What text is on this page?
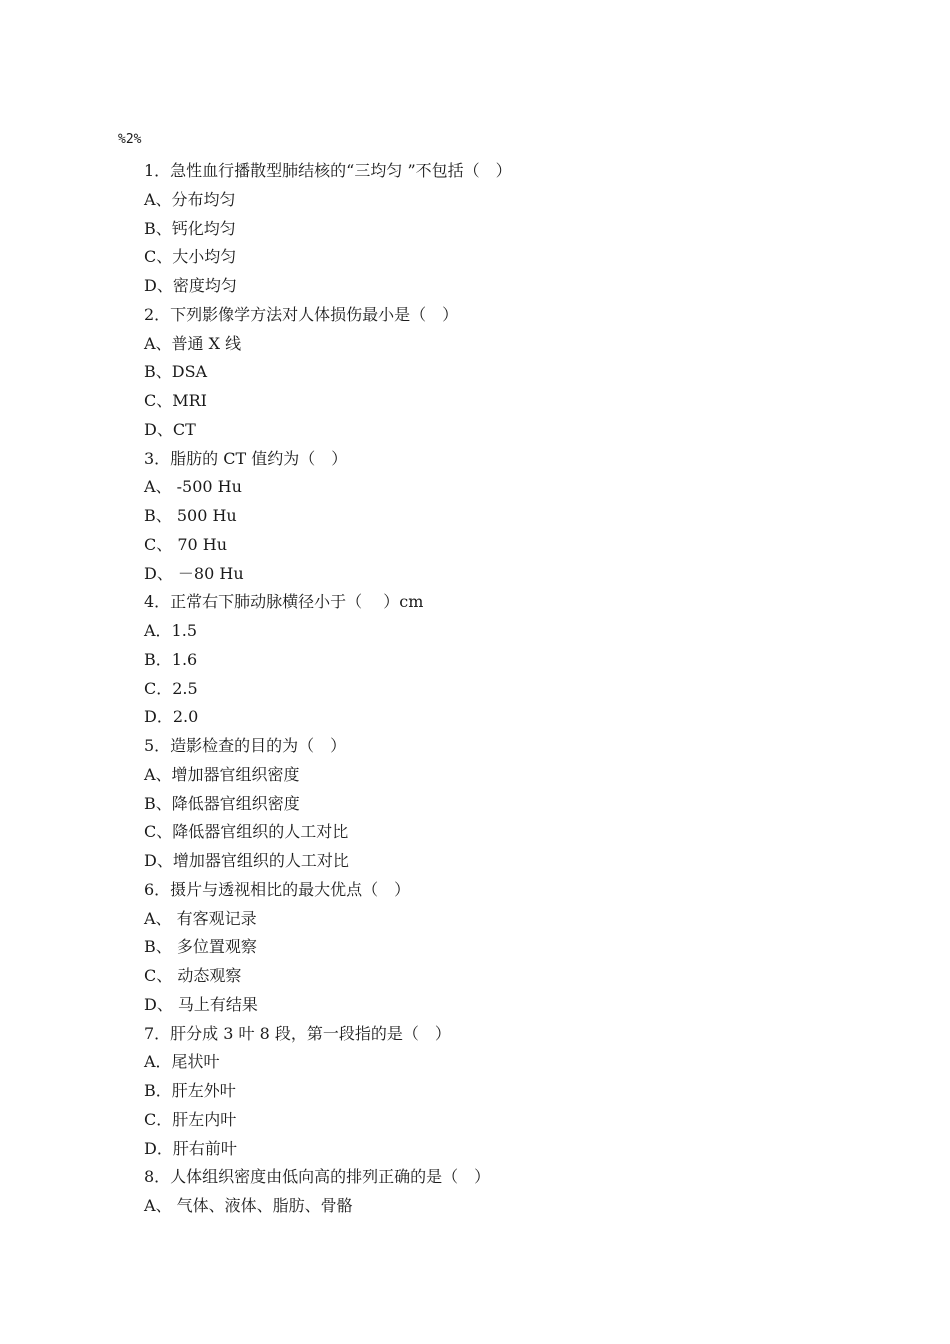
%2%
1．急性血行播散型肺结核的“三均匀 ”不包括（　）
A、分布均匀
B、钙化均匀
C、大小均匀
D、密度均匀
2．下列影像学方法对人体损伤最小是（　）
A、普通 X 线
B、DSA
C、MRI
D、CT
3．脂肪的 CT 值约为（　）
A、 -500 Hu
B、 500 Hu
C、 70 Hu
D、 －80 Hu
4．正常右下肺动脉横径小于（　 ）cm
A．1.5
B．1.6
C．2.5
D．2.0
5．造影检查的目的为（　）
A、增加器官组织密度
B、降低器官组织密度
C、降低器官组织的人工对比
D、增加器官组织的人工对比
6．摄片与透视相比的最大优点（　）
A、 有客观记录
B、 多位置观察
C、 动态观察
D、 马上有结果
7．肝分成 3 叶 8 段，第一段指的是（　）
A．尾状叶
B．肝左外叶
C．肝左内叶
D．肝右前叶
8．人体组织密度由低向高的排列正确的是（　）
A、 气体、液体、脂肪、骨骼
